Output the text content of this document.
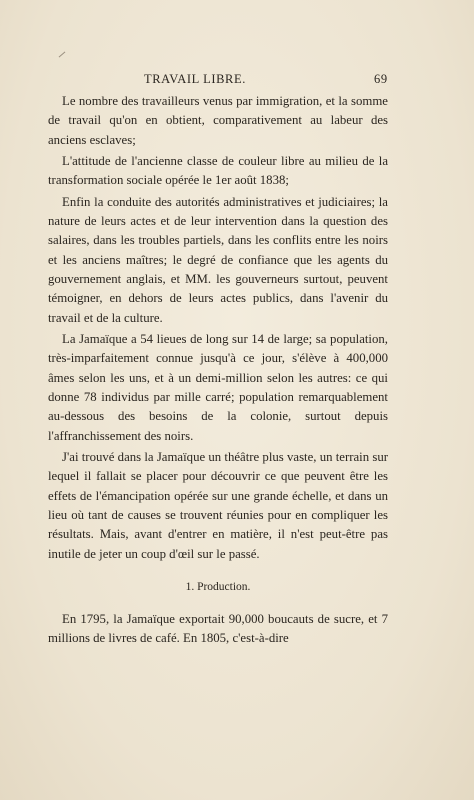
TRAVAIL LIBRE.	69

Le nombre des travailleurs venus par immigration, et la somme de travail qu'on en obtient, comparativement au labeur des anciens esclaves;

L'attitude de l'ancienne classe de couleur libre au milieu de la transformation sociale opérée le 1er août 1838;

Enfin la conduite des autorités administratives et judiciaires; la nature de leurs actes et de leur intervention dans la question des salaires, dans les troubles partiels, dans les conflits entre les noirs et les anciens maîtres; le degré de confiance que les agents du gouvernement anglais, et MM. les gouverneurs surtout, peuvent témoigner, en dehors de leurs actes publics, dans l'avenir du travail et de la culture.

La Jamaïque a 54 lieues de long sur 14 de large; sa population, très-imparfaitement connue jusqu'à ce jour, s'élève à 400,000 âmes selon les uns, et à un demi-million selon les autres: ce qui donne 78 individus par mille carré; population remarquablement au-dessous des besoins de la colonie, surtout depuis l'affranchissement des noirs.

J'ai trouvé dans la Jamaïque un théâtre plus vaste, un terrain sur lequel il fallait se placer pour découvrir ce que peuvent être les effets de l'émancipation opérée sur une grande échelle, et dans un lieu où tant de causes se trouvent réunies pour en compliquer les résultats. Mais, avant d'entrer en matière, il n'est peut-être pas inutile de jeter un coup d'œil sur le passé.

1. Production.

En 1795, la Jamaïque exportait 90,000 boucauts de sucre, et 7 millions de livres de café. En 1805, c'est-à-dire
